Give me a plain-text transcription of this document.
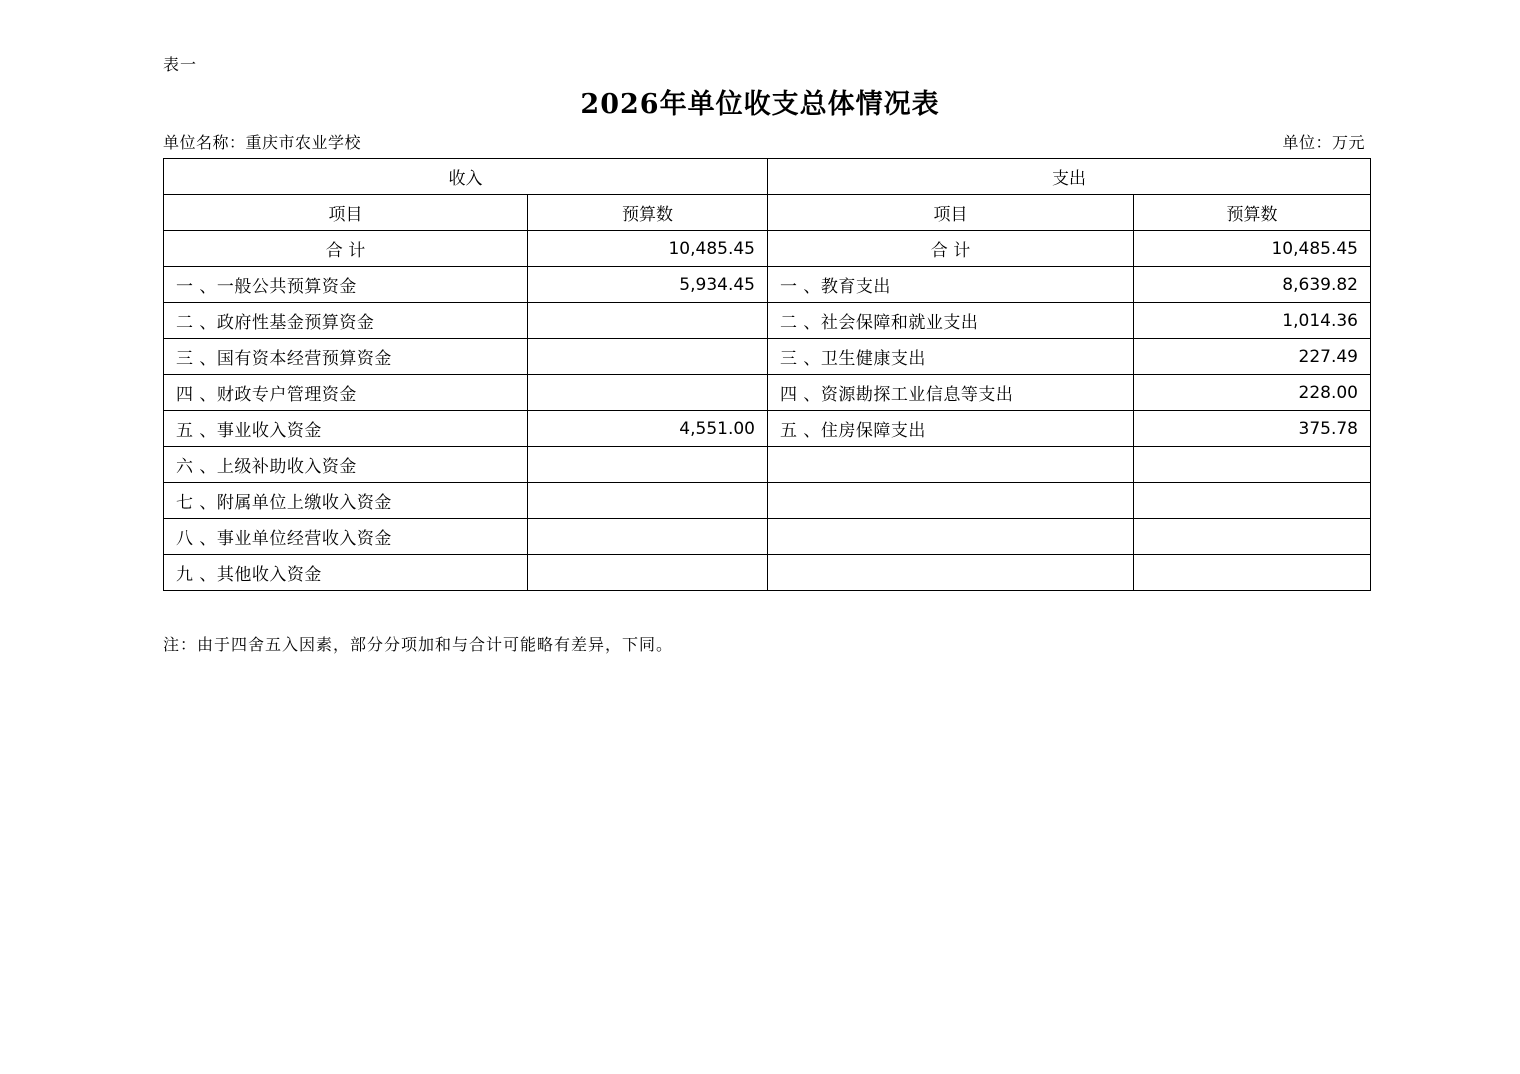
表一
2026年单位收支总体情况表
单位名称：重庆市农业学校	单位：万元
收入		支出	
项目	预算数	项目	预算数
合 计	10,485.45	合 计	10,485.45
一 、一般公共预算资金	5,934.45	一 、教育支出	8,639.82
二 、政府性基金预算资金		二 、社会保障和就业支出	1,014.36
三 、国有资本经营预算资金		三 、卫生健康支出	227.49
四 、财政专户管理资金		四 、资源勘探工业信息等支出	228.00
五 、事业收入资金	4,551.00	五 、住房保障支出	375.78
六 、上级补助收入资金			
七 、附属单位上缴收入资金			
八 、事业单位经营收入资金			
九 、其他收入资金			
注：由于四舍五入因素，部分分项加和与合计可能略有差异，下同。
